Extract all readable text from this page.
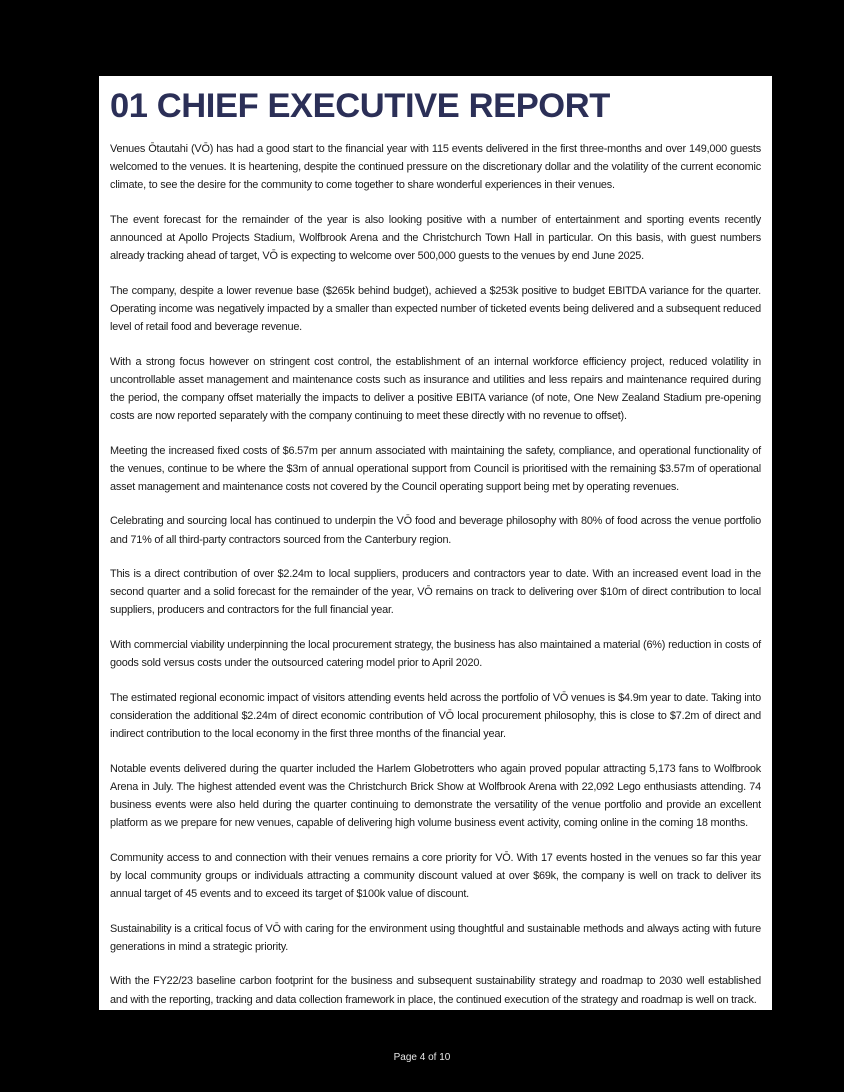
01 CHIEF EXECUTIVE REPORT

Venues Ōtautahi (VŌ) has had a good start to the financial year with 115 events delivered in the first three-months and over 149,000 guests welcomed to the venues. It is heartening, despite the continued pressure on the discretionary dollar and the volatility of the current economic climate, to see the desire for the community to come together to share wonderful experiences in their venues.

The event forecast for the remainder of the year is also looking positive with a number of entertainment and sporting events recently announced at Apollo Projects Stadium, Wolfbrook Arena and the Christchurch Town Hall in particular. On this basis, with guest numbers already tracking ahead of target, VŌ is expecting to welcome over 500,000 guests to the venues by end June 2025.

The company, despite a lower revenue base ($265k behind budget), achieved a $253k positive to budget EBITDA variance for the quarter. Operating income was negatively impacted by a smaller than expected number of ticketed events being delivered and a subsequent reduced level of retail food and beverage revenue.

With a strong focus however on stringent cost control, the establishment of an internal workforce efficiency project, reduced volatility in uncontrollable asset management and maintenance costs such as insurance and utilities and less repairs and maintenance required during the period, the company offset materially the impacts to deliver a positive EBITA variance (of note, One New Zealand Stadium pre-opening costs are now reported separately with the company continuing to meet these directly with no revenue to offset).

Meeting the increased fixed costs of $6.57m per annum associated with maintaining the safety, compliance, and operational functionality of the venues, continue to be where the $3m of annual operational support from Council is prioritised with the remaining $3.57m of operational asset management and maintenance costs not covered by the Council operating support being met by operating revenues.

Celebrating and sourcing local has continued to underpin the VŌ food and beverage philosophy with 80% of food across the venue portfolio and 71% of all third-party contractors sourced from the Canterbury region.

This is a direct contribution of over $2.24m to local suppliers, producers and contractors year to date. With an increased event load in the second quarter and a solid forecast for the remainder of the year, VŌ remains on track to delivering over $10m of direct contribution to local suppliers, producers and contractors for the full financial year.

With commercial viability underpinning the local procurement strategy, the business has also maintained a material (6%) reduction in costs of goods sold versus costs under the outsourced catering model prior to April 2020.

The estimated regional economic impact of visitors attending events held across the portfolio of VŌ venues is $4.9m year to date. Taking into consideration the additional $2.24m of direct economic contribution of VŌ local procurement philosophy, this is close to $7.2m of direct and indirect contribution to the local economy in the first three months of the financial year.

Notable events delivered during the quarter included the Harlem Globetrotters who again proved popular attracting 5,173 fans to Wolfbrook Arena in July. The highest attended event was the Christchurch Brick Show at Wolfbrook Arena with 22,092 Lego enthusiasts attending. 74 business events were also held during the quarter continuing to demonstrate the versatility of the venue portfolio and provide an excellent platform as we prepare for new venues, capable of delivering high volume business event activity, coming online in the coming 18 months.

Community access to and connection with their venues remains a core priority for VŌ. With 17 events hosted in the venues so far this year by local community groups or individuals attracting a community discount valued at over $69k, the company is well on track to deliver its annual target of 45 events and to exceed its target of $100k value of discount.

Sustainability is a critical focus of VŌ with caring for the environment using thoughtful and sustainable methods and always acting with future generations in mind a strategic priority.

With the FY22/23 baseline carbon footprint for the business and subsequent sustainability strategy and roadmap to 2030 well established and with the reporting, tracking and data collection framework in place, the continued execution of the strategy and roadmap is well on track.

Page 4 of 10
